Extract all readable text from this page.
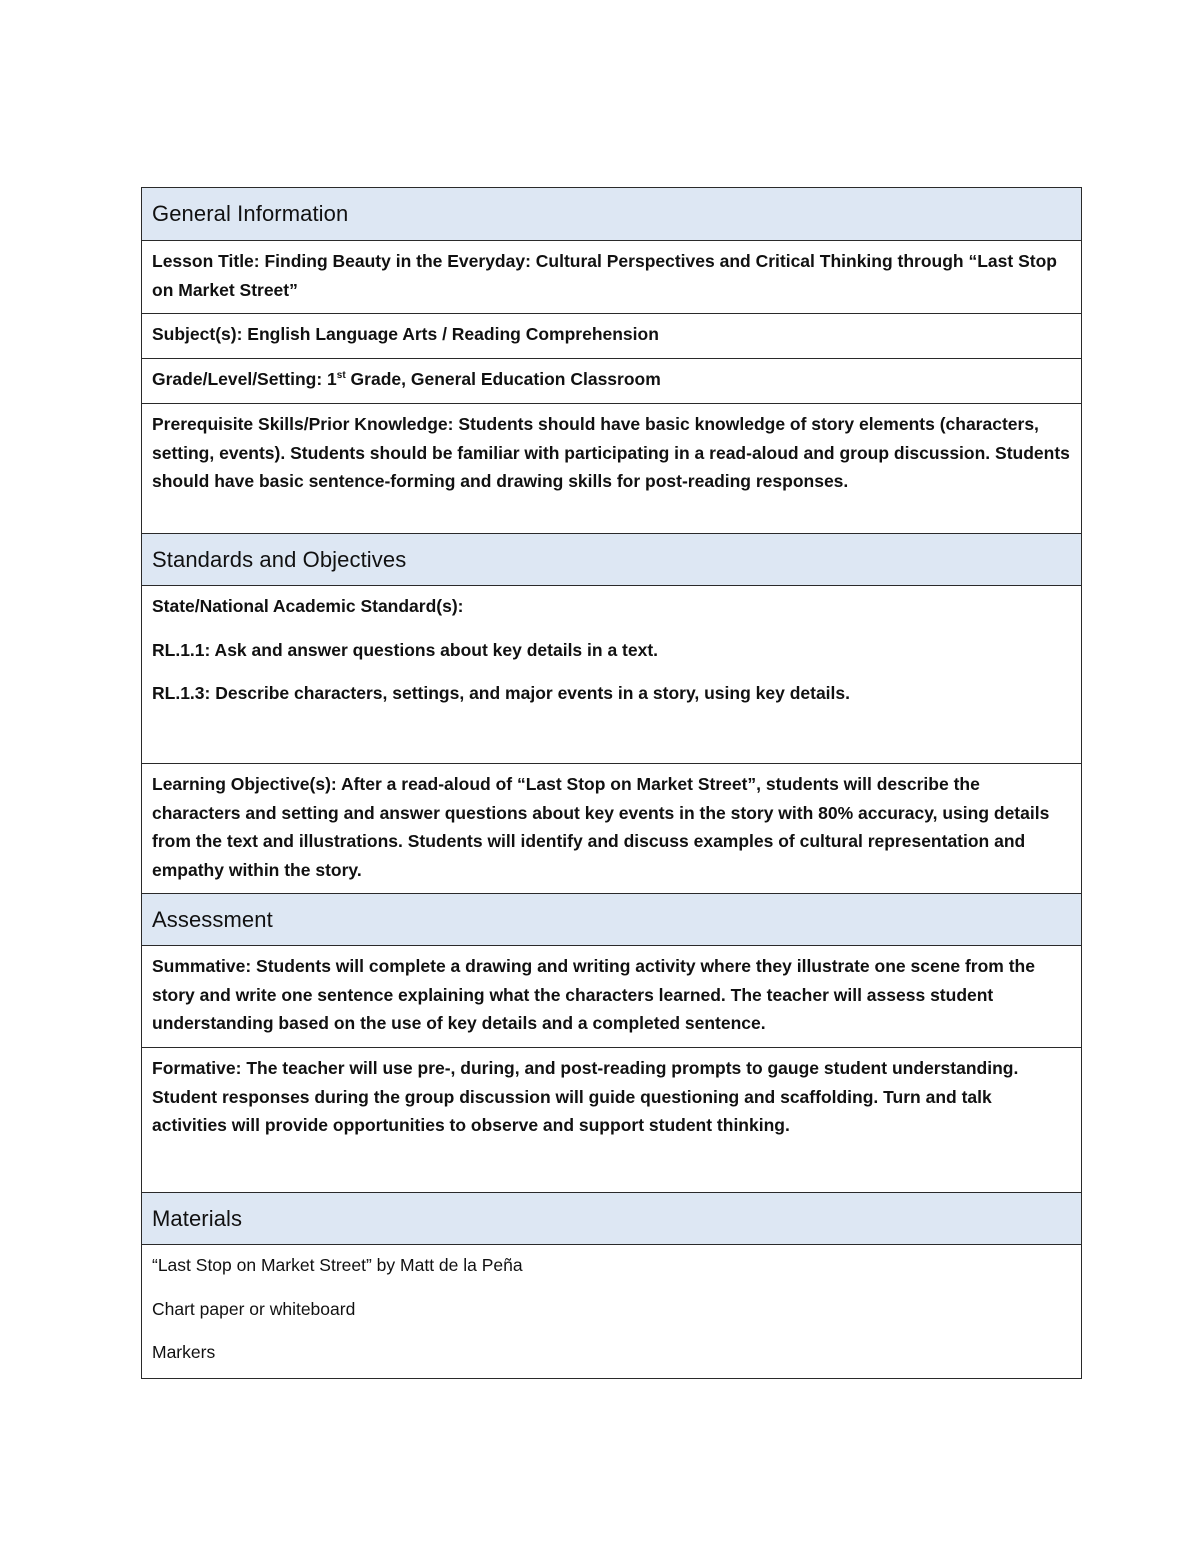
General Information
Lesson Title: Finding Beauty in the Everyday: Cultural Perspectives and Critical Thinking through “Last Stop on Market Street”
Subject(s): English Language Arts / Reading Comprehension
Grade/Level/Setting: 1st Grade, General Education Classroom
Prerequisite Skills/Prior Knowledge: Students should have basic knowledge of story elements (characters, setting, events). Students should be familiar with participating in a read-aloud and group discussion. Students should have basic sentence-forming and drawing skills for post-reading responses.
Standards and Objectives
State/National Academic Standard(s):
RL.1.1: Ask and answer questions about key details in a text.
RL.1.3: Describe characters, settings, and major events in a story, using key details.
Learning Objective(s): After a read-aloud of “Last Stop on Market Street”, students will describe the characters and setting and answer questions about key events in the story with 80% accuracy, using details from the text and illustrations. Students will identify and discuss examples of cultural representation and empathy within the story.
Assessment
Summative: Students will complete a drawing and writing activity where they illustrate one scene from the story and write one sentence explaining what the characters learned. The teacher will assess student understanding based on the use of key details and a completed sentence.
Formative: The teacher will use pre-, during, and post-reading prompts to gauge student understanding. Student responses during the group discussion will guide questioning and scaffolding. Turn and talk activities will provide opportunities to observe and support student thinking.
Materials
“Last Stop on Market Street” by Matt de la Peña
Chart paper or whiteboard
Markers
